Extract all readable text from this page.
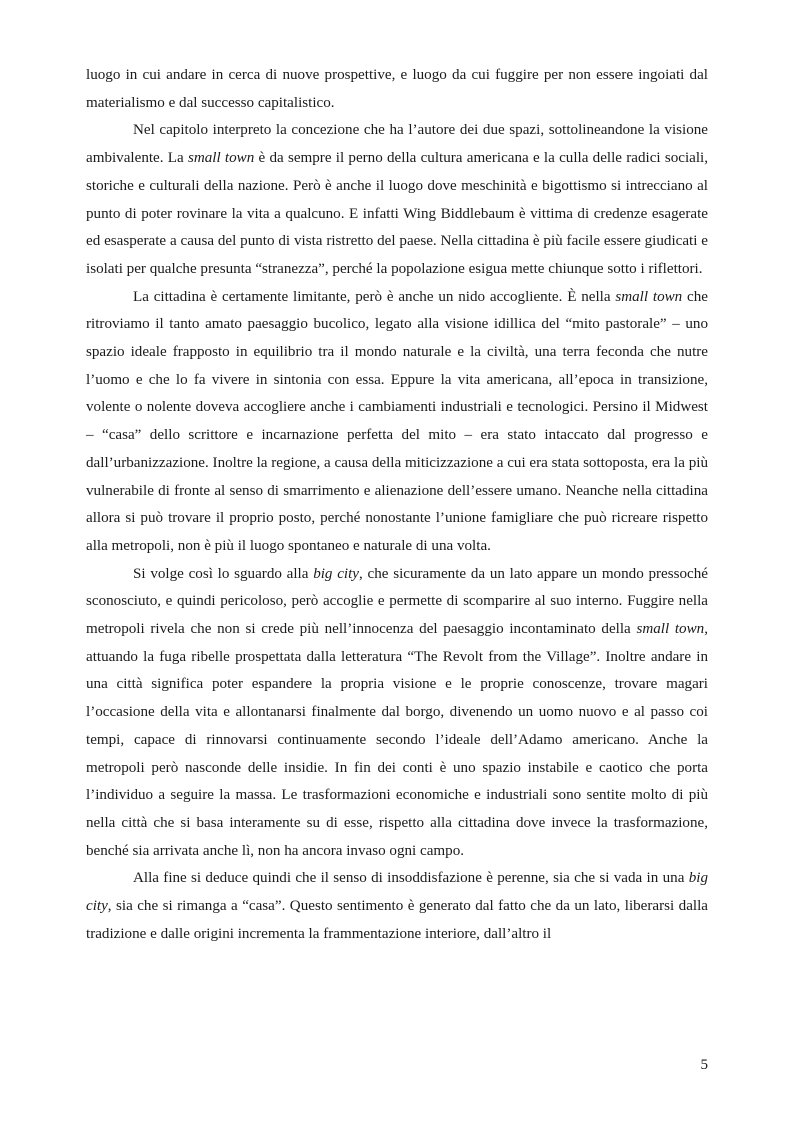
luogo in cui andare in cerca di nuove prospettive, e luogo da cui fuggire per non essere ingoiati dal materialismo e dal successo capitalistico.

Nel capitolo interpreto la concezione che ha l’autore dei due spazi, sottolineandone la visione ambivalente. La small town è da sempre il perno della cultura americana e la culla delle radici sociali, storiche e culturali della nazione. Però è anche il luogo dove meschinità e bigottismo si intrecciano al punto di poter rovinare la vita a qualcuno. E infatti Wing Biddlebaum è vittima di credenze esagerate ed esasperate a causa del punto di vista ristretto del paese. Nella cittadina è più facile essere giudicati e isolati per qualche presunta “stranezza”, perché la popolazione esigua mette chiunque sotto i riflettori.

La cittadina è certamente limitante, però è anche un nido accogliente. È nella small town che ritroviamo il tanto amato paesaggio bucolico, legato alla visione idillica del “mito pastorale” – uno spazio ideale frapposto in equilibrio tra il mondo naturale e la civiltà, una terra feconda che nutre l’uomo e che lo fa vivere in sintonia con essa. Eppure la vita americana, all’epoca in transizione, volente o nolente doveva accogliere anche i cambiamenti industriali e tecnologici. Persino il Midwest – “casa” dello scrittore e incarnazione perfetta del mito – era stato intaccato dal progresso e dall’urbanizzazione. Inoltre la regione, a causa della miticizzazione a cui era stata sottoposta, era la più vulnerabile di fronte al senso di smarrimento e alienazione dell’essere umano. Neanche nella cittadina allora si può trovare il proprio posto, perché nonostante l’unione famigliare che può ricreare rispetto alla metropoli, non è più il luogo spontaneo e naturale di una volta.

Si volge così lo sguardo alla big city, che sicuramente da un lato appare un mondo pressoché sconosciuto, e quindi pericoloso, però accoglie e permette di scomparire al suo interno. Fuggire nella metropoli rivela che non si crede più nell’innocenza del paesaggio incontaminato della small town, attuando la fuga ribelle prospettata dalla letteratura “The Revolt from the Village”. Inoltre andare in una città significa poter espandere la propria visione e le proprie conoscenze, trovare magari l’occasione della vita e allontanarsi finalmente dal borgo, divenendo un uomo nuovo e al passo coi tempi, capace di rinnovarsi continuamente secondo l’ideale dell’Adamo americano. Anche la metropoli però nasconde delle insidie. In fin dei conti è uno spazio instabile e caotico che porta l’individuo a seguire la massa. Le trasformazioni economiche e industriali sono sentite molto di più nella città che si basa interamente su di esse, rispetto alla cittadina dove invece la trasformazione, benché sia arrivata anche lì, non ha ancora invaso ogni campo.

Alla fine si deduce quindi che il senso di insoddisfazione è perenne, sia che si vada in una big city, sia che si rimanga a “casa”. Questo sentimento è generato dal fatto che da un lato, liberarsi dalla tradizione e dalle origini incrementa la frammentazione interiore, dall’altro il

5
